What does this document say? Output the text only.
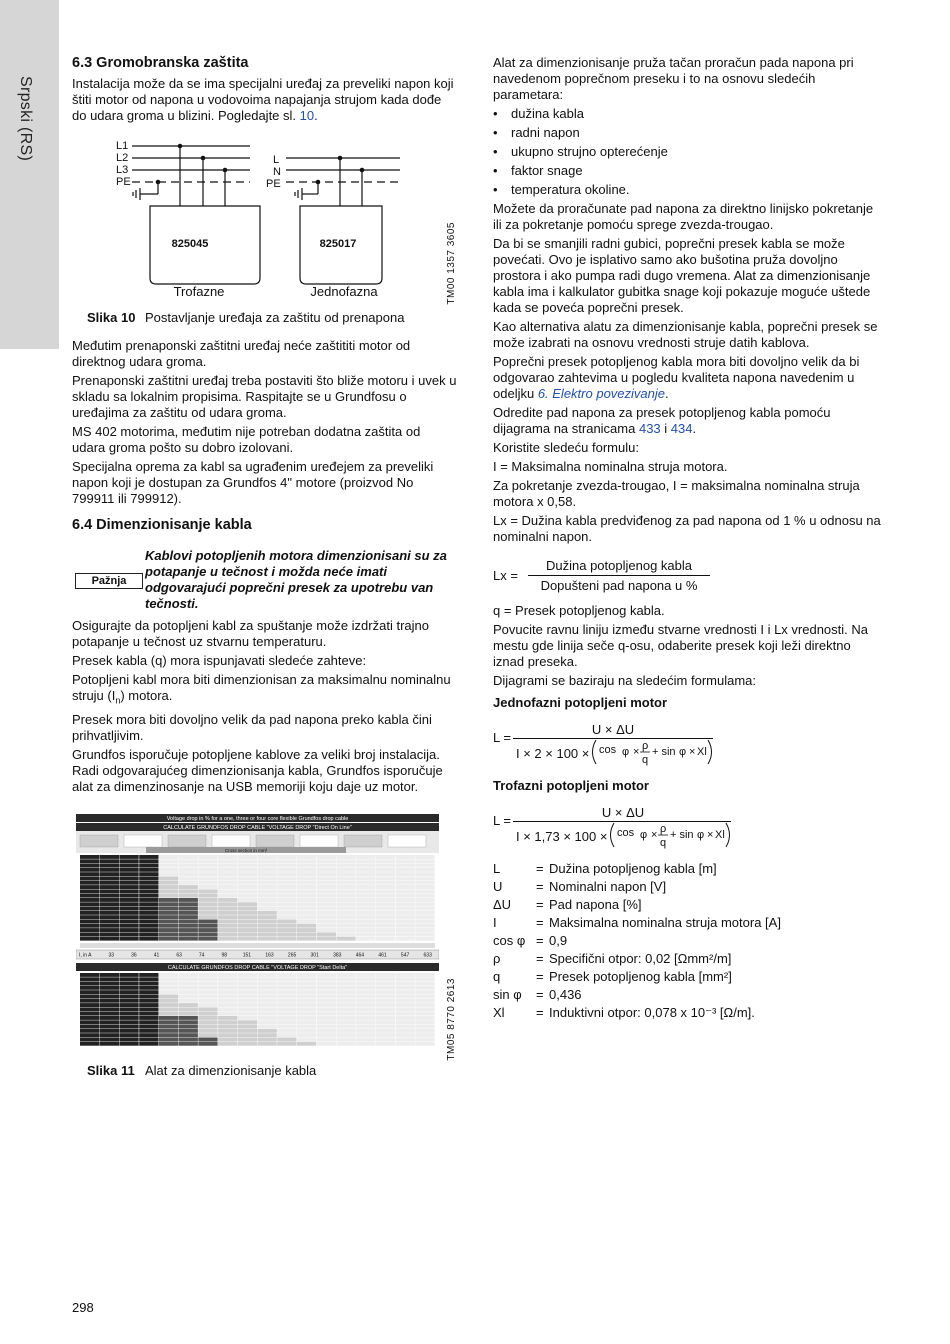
Srpski (RS)
6.3 Gromobranska zaštita

Instalacija može da se ima specijalni uređaj za preveliki napon koji štiti motor od napona u vodovoima napajanja strujom kada dođe do udara groma u blizini. Pogledajte sl. 10.

L1
L2
L3
PE
L
N
PE
825045	825017
Trofazne	Jednofazna	TM00 1357 3605
Slika 10 Postavljanje uređaja za zaštitu od prenapona

Međutim prenaponski zaštitni uređaj neće zaštititi motor od direktnog udara groma.

Prenaponski zaštitni uređaj treba postaviti što bliže motoru i uvek u skladu sa lokalnim propisima. Raspitajte se u Grundfosu o uređajima za zaštitu od udara groma.

MS 402 motorima, međutim nije potreban dodatna zaštita od udara groma pošto su dobro izolovani.

Specijalna oprema za kabl sa ugrađenim uređejem za preveliki napon koji je dostupan za Grundfos 4" motore (proizvod No 799911 ili 799912).

6.4 Dimenzionisanje kabla
Pažnja
Kablovi potopljenih motora dimenzionisani su za potapanje u tečnost i možda neće imati odgovarajući poprečni presek za upotrebu van tečnosti.

Osigurajte da potopljeni kabl za spuštanje može izdržati trajno potapanje u tečnost uz stvarnu temperaturu.

Presek kabla (q) mora ispunjavati sledeće zahteve:

Potopljeni kabl mora biti dimenzionisan za maksimalnu nominalnu struju $(I_n)$ motora.

Presek mora biti dovoljno velik da pad napona preko kabla čini prihvatljivim.

Grundfos isporučuje potopljene kablove za veliki broj instalacija. Radi odgovarajućeg dimenzionisanja kabla, Grundfos isporučuje alat za dimenzinosanje na USB memoriji koju daje uz motor.

Voltage drop in % for a one, three or four core flexible Grundfos drop cable
CALCULATE GRUNDFOS DROP CABLE "VOLTAGE DROP "Direct On Line"
Cross section in mm²
I, in A	33	36	41	63	74	98	151	163	265	301	383	464	461	547	633
CALCULATE GRUNDFOS DROP CABLE "VOLTAGE DROP "Start Delta"
TM05 8770 2613
Slika 11 Alat za dimenzionisanje kabla

Alat za dimenzionisanje pruža tačan proračun pada napona pri navedenom poprečnom preseku i to na osnovu sledećih parametara:

• dužina kabla
• radni napon
• ukupno strujno opterećenje
• faktor snage
• temperatura okoline.

Možete da proračunate pad napona za direktno linijsko pokretanje ili za pokretanje pomoću sprege zvezda-trougao.

Da bi se smanjili radni gubici, poprečni presek kabla se može povećati. Ovo je isplativo samo ako bušotina pruža dovoljno prostora i ako pumpa radi dugo vremena. Alat za dimenzionisanje kabla ima i kalkulator gubitka snage koji pokazuje moguće uštede kada se poveća poprečni presek.

Kao alternativa alatu za dimenzionisanje kabla, poprečni presek se može izabrati na osnovu vrednosti struje datih kablova.

Poprečni presek potopljenog kabla mora biti dovoljno velik da bi odgovarao zahtevima u pogledu kvaliteta napona navedenim u odeljku 6. Elektro povezivanje.

Odredite pad napona za presek potopljenog kabla pomoću dijagrama na stranicama 433 i 434.

Koristite sledeću formulu:

I = Maksimalna nominalna struja motora.

Za pokretanje zvezda-trougao, I = maksimalna nominalna struja motora x 0,58.

Lx = Dužina kabla predviđenog za pad napona od 1 % u odnosu na nominalni napon.

Lx =
Dužina potopljenog kabla
Dopušteni pad napona u %

q = Presek potopljenog kabla.

Povucite ravnu liniju između stvarne vrednosti I i Lx vrednosti. Na mestu gde linija seče q-osu, odaberite presek koji leži direktno iznad preseka.

Dijagrami se baziraju na sledećim formulama:

Jednofazni potopljeni motor

L =
U × ΔU
I × 2 × 100 × cos φ × ρ
q
+ sin φ × Xl

Trofazni potopljeni motor

L =
U × ΔU
I × 1,73 × 100 × cos φ × ρ
q
+ sin φ × Xl
L	= Dužina potopljenog kabla [m]
U	= Nominalni napon [V]
ΔU	= Pad napona [%]
I	= Maksimalna nominalna struja motora [A]
cos φ = 0,9
ρ	= Specifični otpor: 0,02 [Ωmm²/m]
q	= Presek potopljenog kabla [mm²]
sin φ	= 0,436
Xl	= Induktivni otpor: 0,078 x 10⁻³ [Ω/m].
298
